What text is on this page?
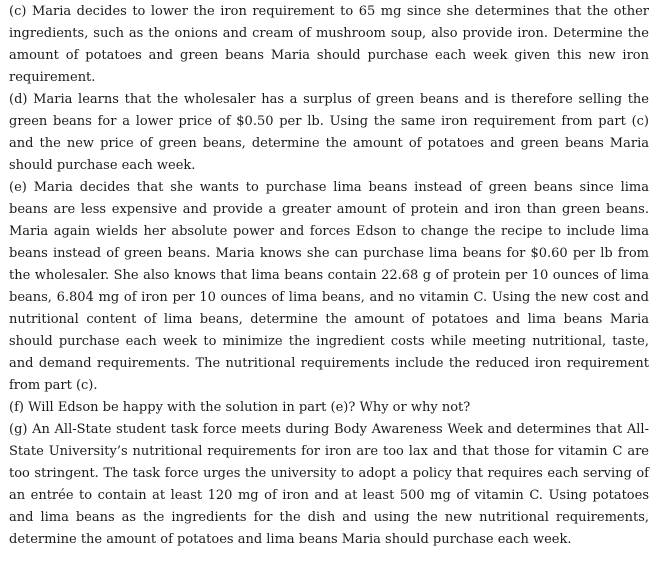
(c) Maria decides to lower the iron requirement to 65 mg since she determines that the other ingredients, such as the onions and cream of mushroom soup, also provide iron. Determine the amount of potatoes and green beans Maria should purchase each week given this new iron requirement.

(d) Maria learns that the wholesaler has a surplus of green beans and is therefore selling the green beans for a lower price of $0.50 per lb. Using the same iron requirement from part (c) and the new price of green beans, determine the amount of potatoes and green beans Maria should purchase each week.

(e) Maria decides that she wants to purchase lima beans instead of green beans since lima beans are less expensive and provide a greater amount of protein and iron than green beans. Maria again wields her absolute power and forces Edson to change the recipe to include lima beans instead of green beans. Maria knows she can purchase lima beans for $0.60 per lb from the wholesaler. She also knows that lima beans contain 22.68 g of protein per 10 ounces of lima beans, 6.804 mg of iron per 10 ounces of lima beans, and no vitamin C. Using the new cost and nutritional content of lima beans, determine the amount of potatoes and lima beans Maria should purchase each week to minimize the ingredient costs while meeting nutritional, taste, and demand requirements. The nutritional requirements include the reduced iron requirement from part (c).

(f) Will Edson be happy with the solution in part (e)? Why or why not?

(g) An All-State student task force meets during Body Awareness Week and determines that All-State University’s nutritional requirements for iron are too lax and that those for vitamin C are too stringent. The task force urges the university to adopt a policy that requires each serving of an entrée to contain at least 120 mg of iron and at least 500 mg of vitamin C. Using potatoes and lima beans as the ingredients for the dish and using the new nutritional requirements, determine the amount of potatoes and lima beans Maria should purchase each week.
